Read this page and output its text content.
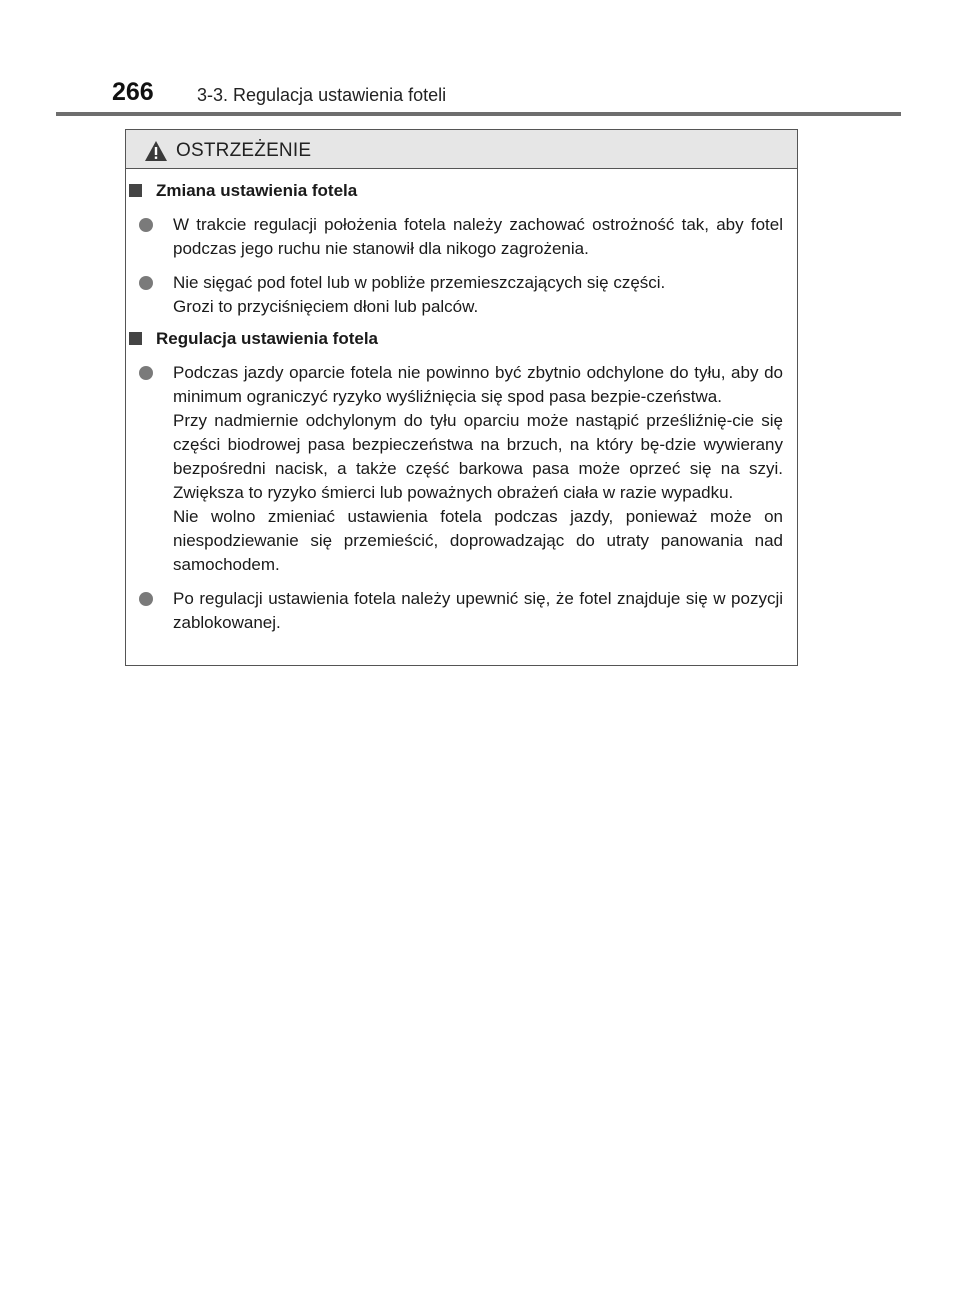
266 3-3. Regulacja ustawienia foteli
OSTRZEŻENIE
Zmiana ustawienia fotela

W trakcie regulacji położenia fotela należy zachować ostrożność tak, aby fotel podczas jego ruchu nie stanowił dla nikogo zagrożenia.

Nie sięgać pod fotel lub w pobliże przemieszczających się części.

Grozi to przyciśnięciem dłoni lub palców.

Regulacja ustawienia fotela

Podczas jazdy oparcie fotela nie powinno być zbytnio odchylone do tyłu, aby do minimum ograniczyć ryzyko wyśliźnięcia się spod pasa bezpie-czeństwa.

Przy nadmiernie odchylonym do tyłu oparciu może nastąpić prześliźnię-cie się części biodrowej pasa bezpieczeństwa na brzuch, na który bę-dzie wywierany bezpośredni nacisk, a także część barkowa pasa może oprzeć się na szyi. Zwiększa to ryzyko śmierci lub poważnych obrażeń ciała w razie wypadku.

Nie wolno zmieniać ustawienia fotela podczas jazdy, ponieważ może on niespodziewanie się przemieścić, doprowadzając do utraty panowania nad samochodem.

Po regulacji ustawienia fotela należy upewnić się, że fotel znajduje się w pozycji zablokowanej.
